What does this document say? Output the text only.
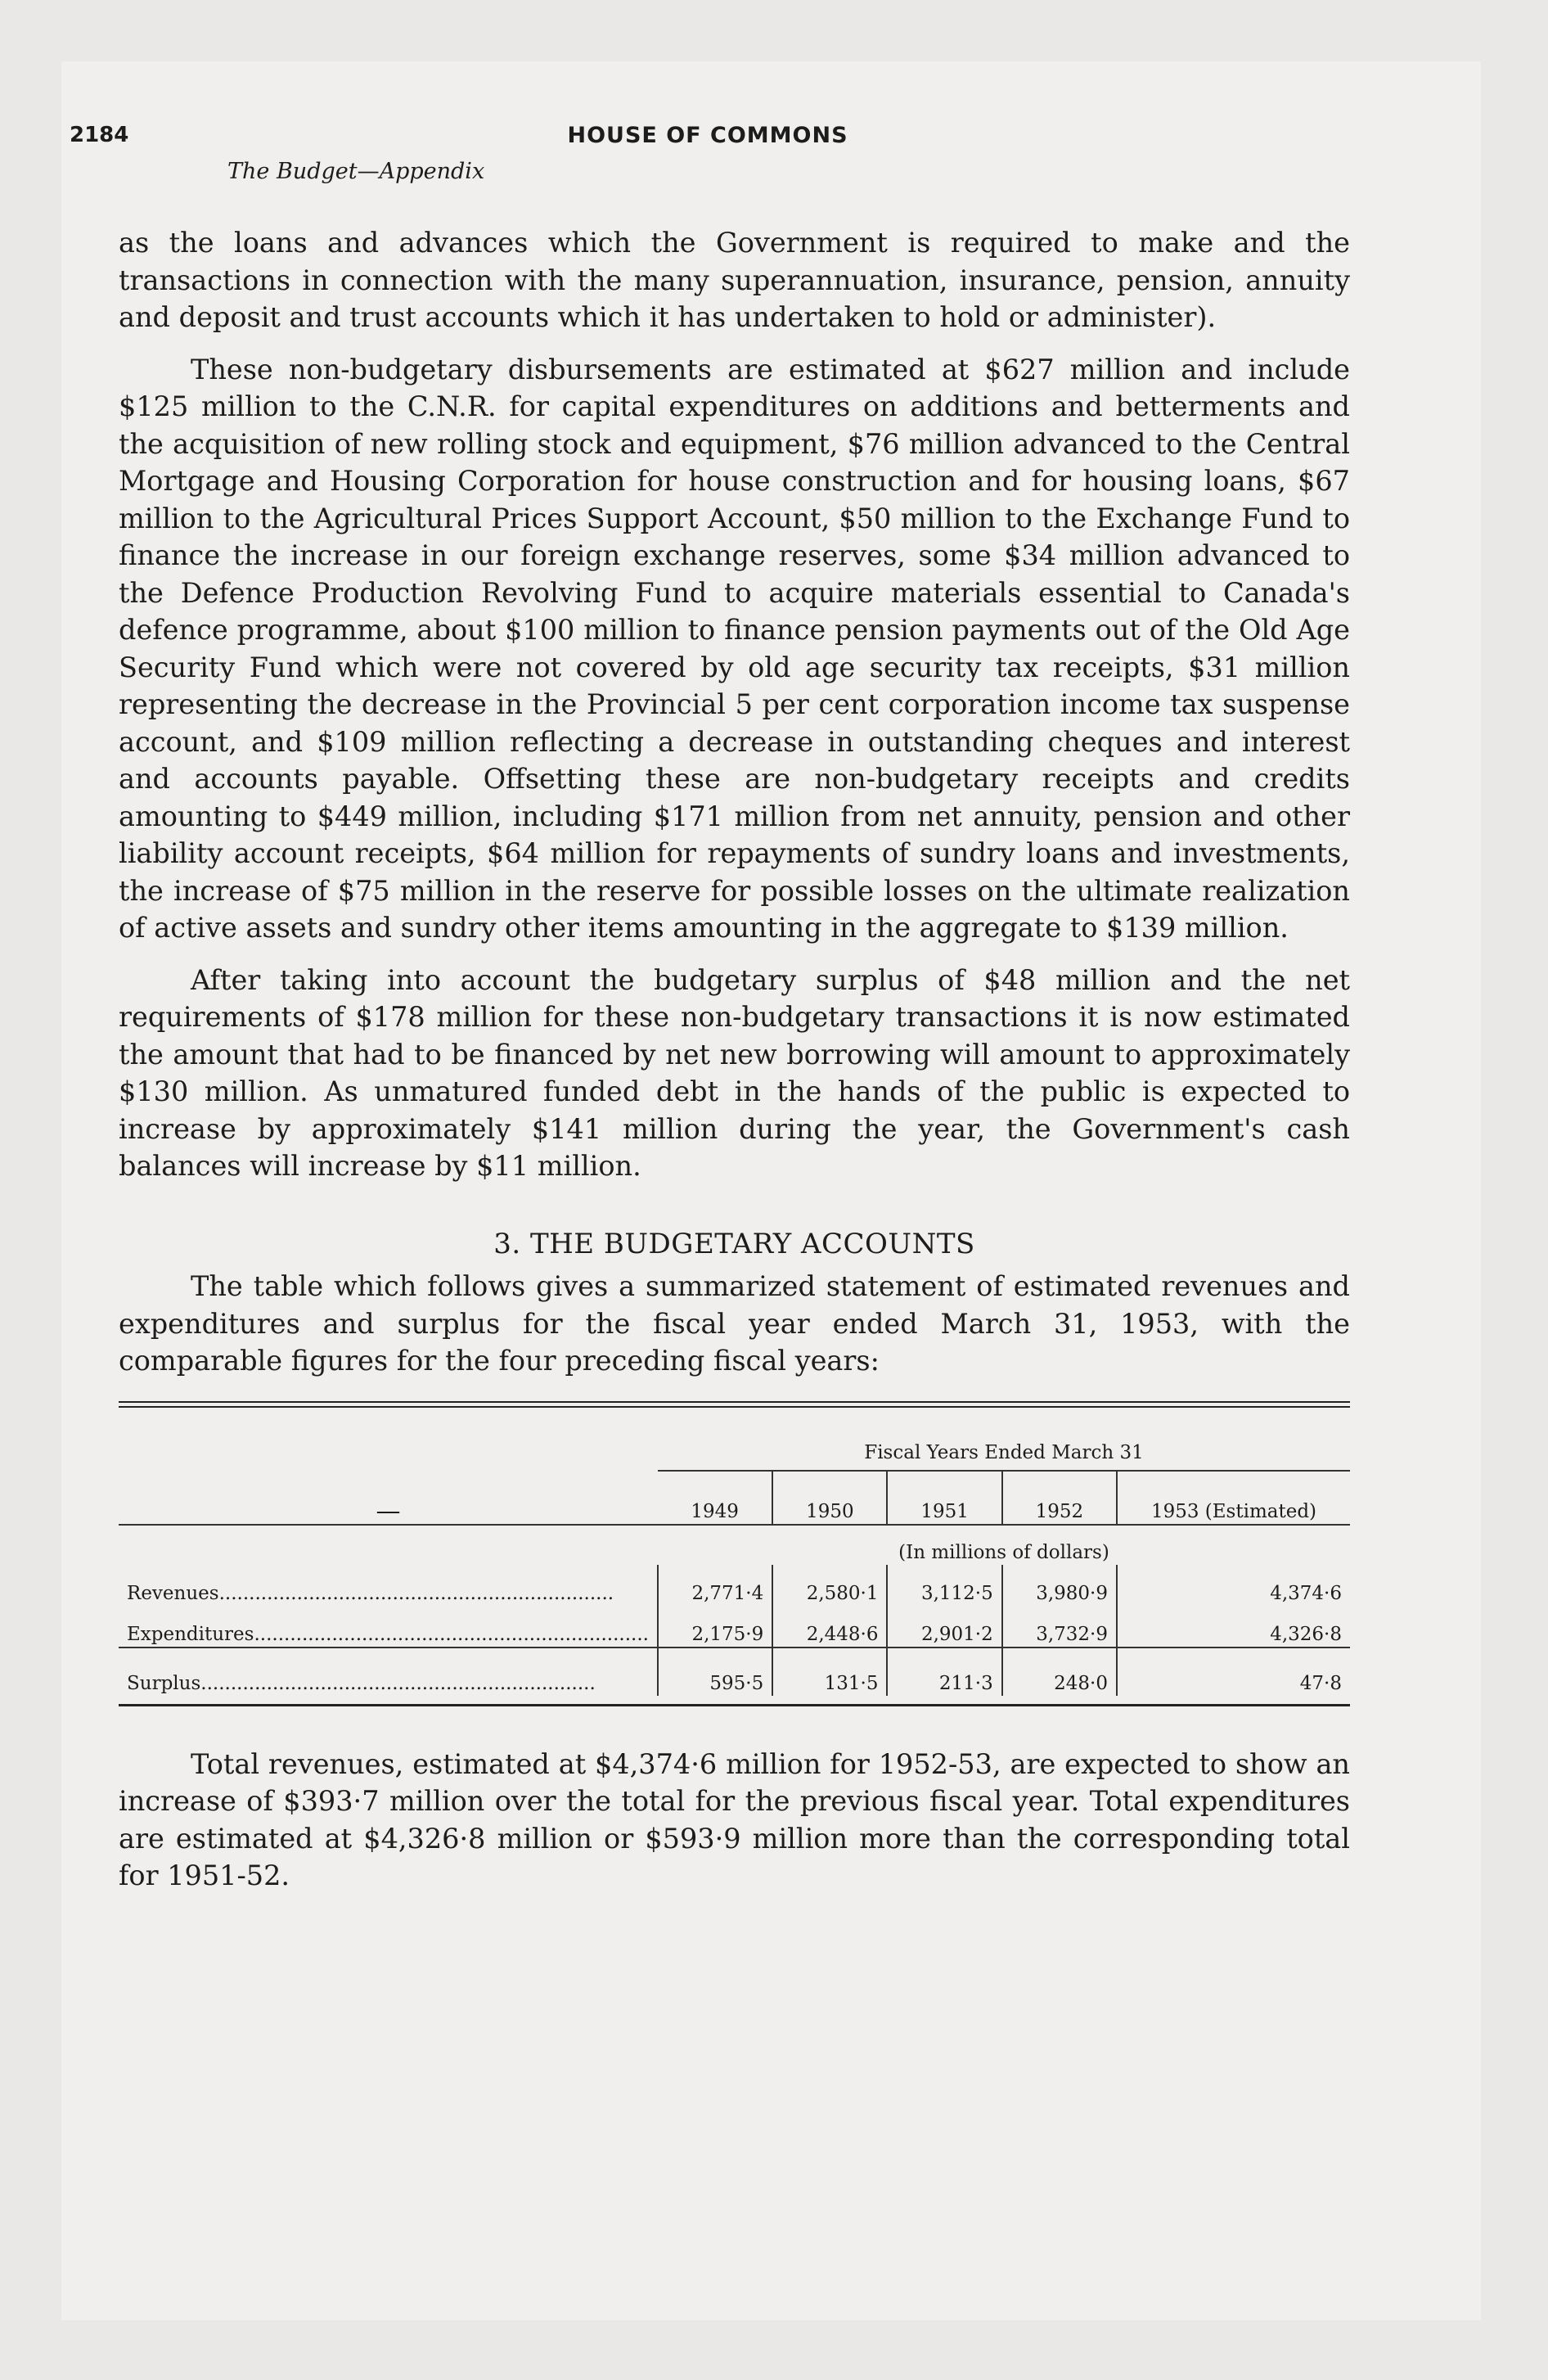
2184	HOUSE OF COMMONS
The Budget—Appendix

as the loans and advances which the Government is required to make and the transactions in connection with the many superannuation, insurance, pension, annuity and deposit and trust accounts which it has undertaken to hold or administer).

These non-budgetary disbursements are estimated at $627 million and include $125 million to the C.N.R. for capital expenditures on additions and betterments and the acquisition of new rolling stock and equipment, $76 million advanced to the Central Mortgage and Housing Corporation for house construction and for housing loans, $67 million to the Agricultural Prices Support Account, $50 million to the Exchange Fund to finance the increase in our foreign exchange reserves, some $34 million advanced to the Defence Production Revolving Fund to acquire materials essential to Canada's defence programme, about $100 million to finance pension payments out of the Old Age Security Fund which were not covered by old age security tax receipts, $31 million representing the decrease in the Provincial 5 per cent corporation income tax suspense account, and $109 million reflecting a decrease in outstanding cheques and interest and accounts payable. Offsetting these are non-budgetary receipts and credits amounting to $449 million, including $171 million from net annuity, pension and other liability account receipts, $64 million for repayments of sundry loans and investments, the increase of $75 million in the reserve for possible losses on the ultimate realization of active assets and sundry other items amounting in the aggregate to $139 million.

After taking into account the budgetary surplus of $48 million and the net requirements of $178 million for these non-budgetary transactions it is now estimated the amount that had to be financed by net new borrowing will amount to approximately $130 million. As unmatured funded debt in the hands of the public is expected to increase by approximately $141 million during the year, the Government's cash balances will increase by $11 million.

3. THE BUDGETARY ACCOUNTS

The table which follows gives a summarized statement of estimated revenues and expenditures and surplus for the fiscal year ended March 31, 1953, with the comparable figures for the four preceding fiscal years:

—	Fiscal Years Ended March 31				
	1949	1950	1951	1952	1953 (Estimated)
	(In millions of dollars)				
Revenues..................................................................	2,771·4	2,580·1	3,112·5	3,980·9	4,374·6
Expenditures..................................................................	2,175·9	2,448·6	2,901·2	3,732·9	4,326·8
Surplus..................................................................	595·5	131·5	211·3	248·0	47·8

Total revenues, estimated at $4,374·6 million for 1952-53, are expected to show an increase of $393·7 million over the total for the previous fiscal year. Total expenditures are estimated at $4,326·8 million or $593·9 million more than the corresponding total for 1951-52.
